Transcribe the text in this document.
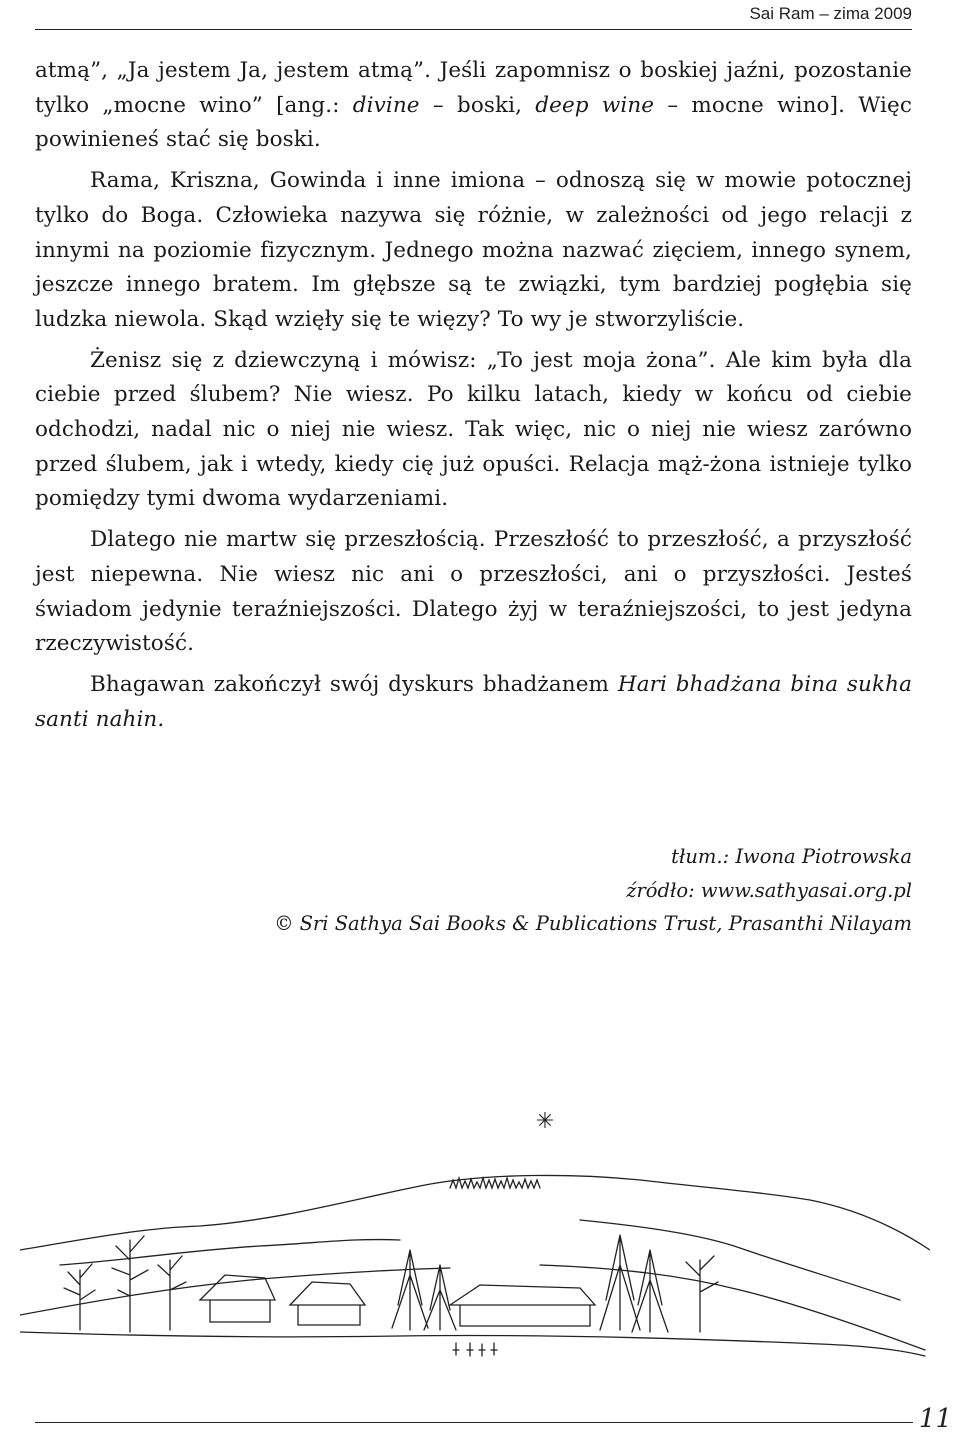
Sai Ram – zima 2009

atmą”, „Ja jestem Ja, jestem atmą”. Jeśli zapomnisz o boskiej jaźni, pozostanie tylko „mocne wino” [ang.: divine – boski, deep wine – mocne wino]. Więc powinieneś stać się boski.

Rama, Kriszna, Gowinda i inne imiona – odnoszą się w mowie potocznej tylko do Boga. Człowieka nazywa się różnie, w zależności od jego relacji z innymi na poziomie fizycznym. Jednego można nazwać zięciem, innego synem, jeszcze innego bratem. Im głębsze są te związki, tym bardziej pogłębia się ludzka niewola. Skąd wzięły się te więzy? To wy je stworzyliście.

Żenisz się z dziewczyną i mówisz: „To jest moja żona”. Ale kim była dla ciebie przed ślubem? Nie wiesz. Po kilku latach, kiedy w końcu od ciebie odchodzi, nadal nic o niej nie wiesz. Tak więc, nic o niej nie wiesz zarówno przed ślubem, jak i wtedy, kiedy cię już opuści. Relacja mąż-żona istnieje tylko pomiędzy tymi dwoma wydarzeniami.

Dlatego nie martw się przeszłością. Przeszłość to przeszłość, a przyszłość jest niepewna. Nie wiesz nic ani o przeszłości, ani o przyszłości. Jesteś świadom jedynie teraźniejszości. Dlatego żyj w teraźniejszości, to jest jedyna rzeczywistość.

Bhagawan zakończył swój dyskurs bhadżanem Hari bhadżana bina sukha santi nahin.

tłum.: Iwona Piotrowska
źródło: www.sathyasai.org.pl
© Sri Sathya Sai Books & Publications Trust, Prasanthi Nilayam
✳
11
